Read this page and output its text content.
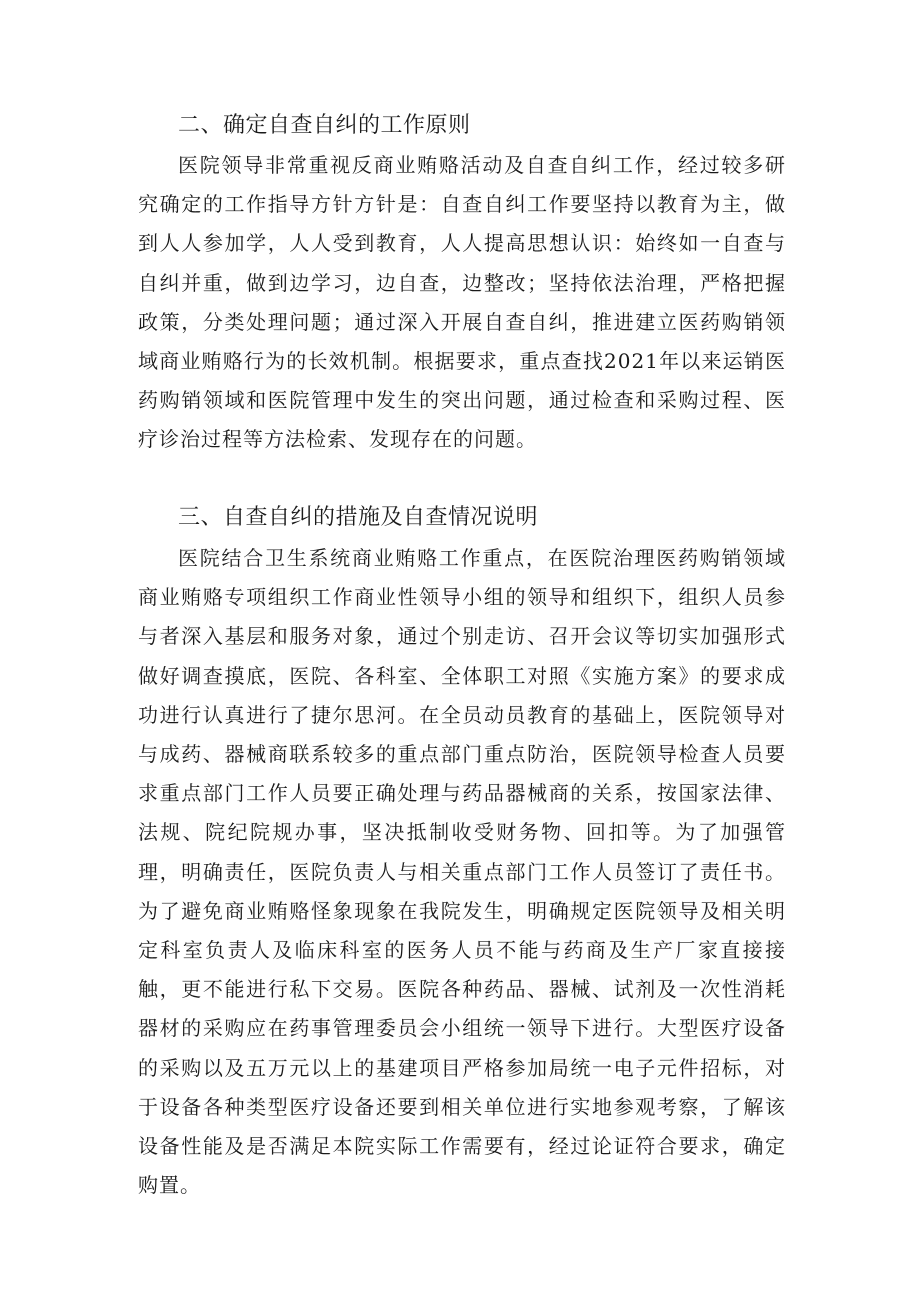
二、确定自查自纠的工作原则

医院领导非常重视反商业贿赂活动及自查自纠工作，经过较多研究确定的工作指导方针方针是：自查自纠工作要坚持以教育为主，做到人人参加学，人人受到教育，人人提高思想认识：始终如一自查与自纠并重，做到边学习，边自查，边整改；坚持依法治理，严格把握政策，分类处理问题；通过深入开展自查自纠，推进建立医药购销领域商业贿赂行为的长效机制。根据要求，重点查找2021年以来运销医药购销领域和医院管理中发生的突出问题，通过检查和采购过程、医疗诊治过程等方法检索、发现存在的问题。

三、自查自纠的措施及自查情况说明

医院结合卫生系统商业贿赂工作重点，在医院治理医药购销领域商业贿赂专项组织工作商业性领导小组的领导和组织下，组织人员参与者深入基层和服务对象，通过个别走访、召开会议等切实加强形式做好调查摸底，医院、各科室、全体职工对照《实施方案》的要求成功进行认真进行了捷尔思河。在全员动员教育的基础上，医院领导对与成药、器械商联系较多的重点部门重点防治，医院领导检查人员要求重点部门工作人员要正确处理与药品器械商的关系，按国家法律、法规、院纪院规办事，坚决抵制收受财务物、回扣等。为了加强管理，明确责任，医院负责人与相关重点部门工作人员签订了责任书。为了避免商业贿赂怪象现象在我院发生，明确规定医院领导及相关明定科室负责人及临床科室的医务人员不能与药商及生产厂家直接接触，更不能进行私下交易。医院各种药品、器械、试剂及一次性消耗器材的采购应在药事管理委员会小组统一领导下进行。大型医疗设备的采购以及五万元以上的基建项目严格参加局统一电子元件招标，对于设备各种类型医疗设备还要到相关单位进行实地参观考察，了解该设备性能及是否满足本院实际工作需要有，经过论证符合要求，确定购置。
